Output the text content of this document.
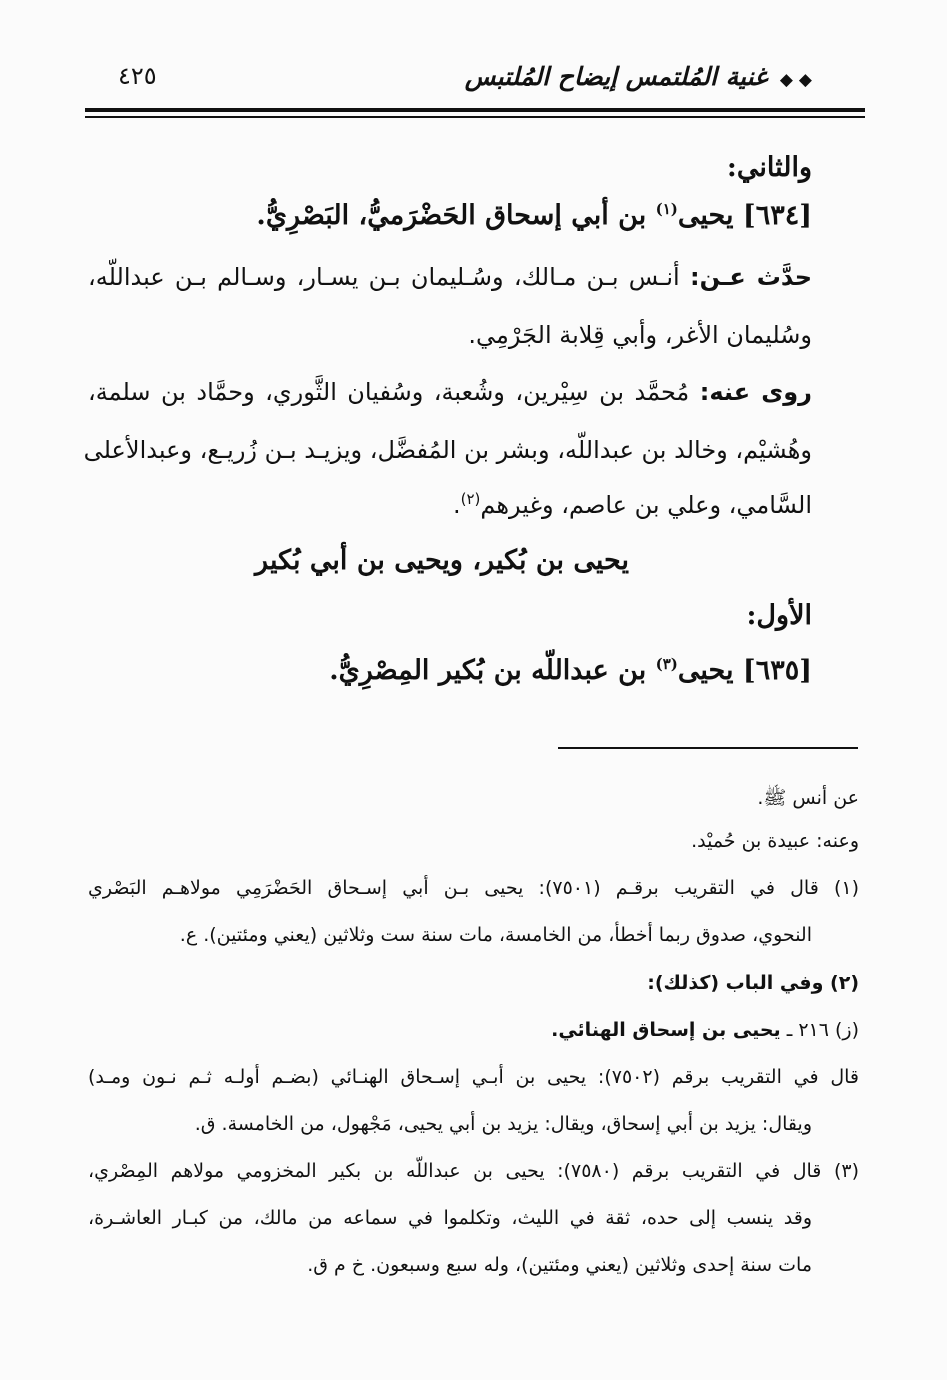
◆ ◆ غنية المُلتمس إيضاح المُلتبس
٤٢٥
والثاني:
[٦٣٤] يحيى$^{(١)}$ بن أبي إسحاق الحَضْرَميُّ، البَصْرِيُّ.
حدَّث عـن: أنـس بـن مـالك، وسُـليمان بـن يسـار، وسـالم بـن عبداللّه،
وسُليمان الأغر، وأبي قِلابة الجَرْمِي.
روى عنه: مُحمَّد بن سِيْرين، وشُعبة، وسُفيان الثَّوري، وحمَّاد بن سلمة،
وهُشيْم، وخالد بن عبداللّه، وبشر بن المُفضَّل، ويزيـد بـن زُريـع، وعبدالأعلى
السَّامي، وعلي بن عاصم، وغيرهم$^{(٢)}$.
يحيى بن بُكير، ويحيى بن أبي بُكير
الأول:
[٦٣٥] يحيى$^{(٣)}$ بن عبداللّه بن بُكير المِصْرِيُّ.
عن أنس ﷺ.
وعنه: عبيدة بن حُميْد.
(١) قال في التقريب برقـم (٧٥٠١): يحيى بـن أبي إسـحاق الحَضْرَمِي مولاهـم البَصْري
النحوي، صدوق ربما أخطأ، من الخامسة، مات سنة ست وثلاثين (يعني ومئتين). ع.
(٢) وفي الباب (كذلك):
(ز) ٢١٦ ـ يحيى بن إسحاق الهنائي.
قال في التقريب برقم (٧٥٠٢): يحيى بن أبـي إسـحاق الهنـائي (بضـم أولـه ثـم نـون ومـد)
ويقال: يزيد بن أبي إسحاق، ويقال: يزيد بن أبي يحيى، مَجْهول، من الخامسة. ق.
(٣) قال في التقريب برقم (٧٥٨٠): يحيى بن عبداللّه بن بكير المخزومي مولاهم المِصْري،
وقد ينسب إلى حده، ثقة في الليث، وتكلموا في سماعه من مالك، من كبـار العاشـرة،
مات سنة إحدى وثلاثين (يعني ومئتين)، وله سبع وسبعون. خ م ق.
